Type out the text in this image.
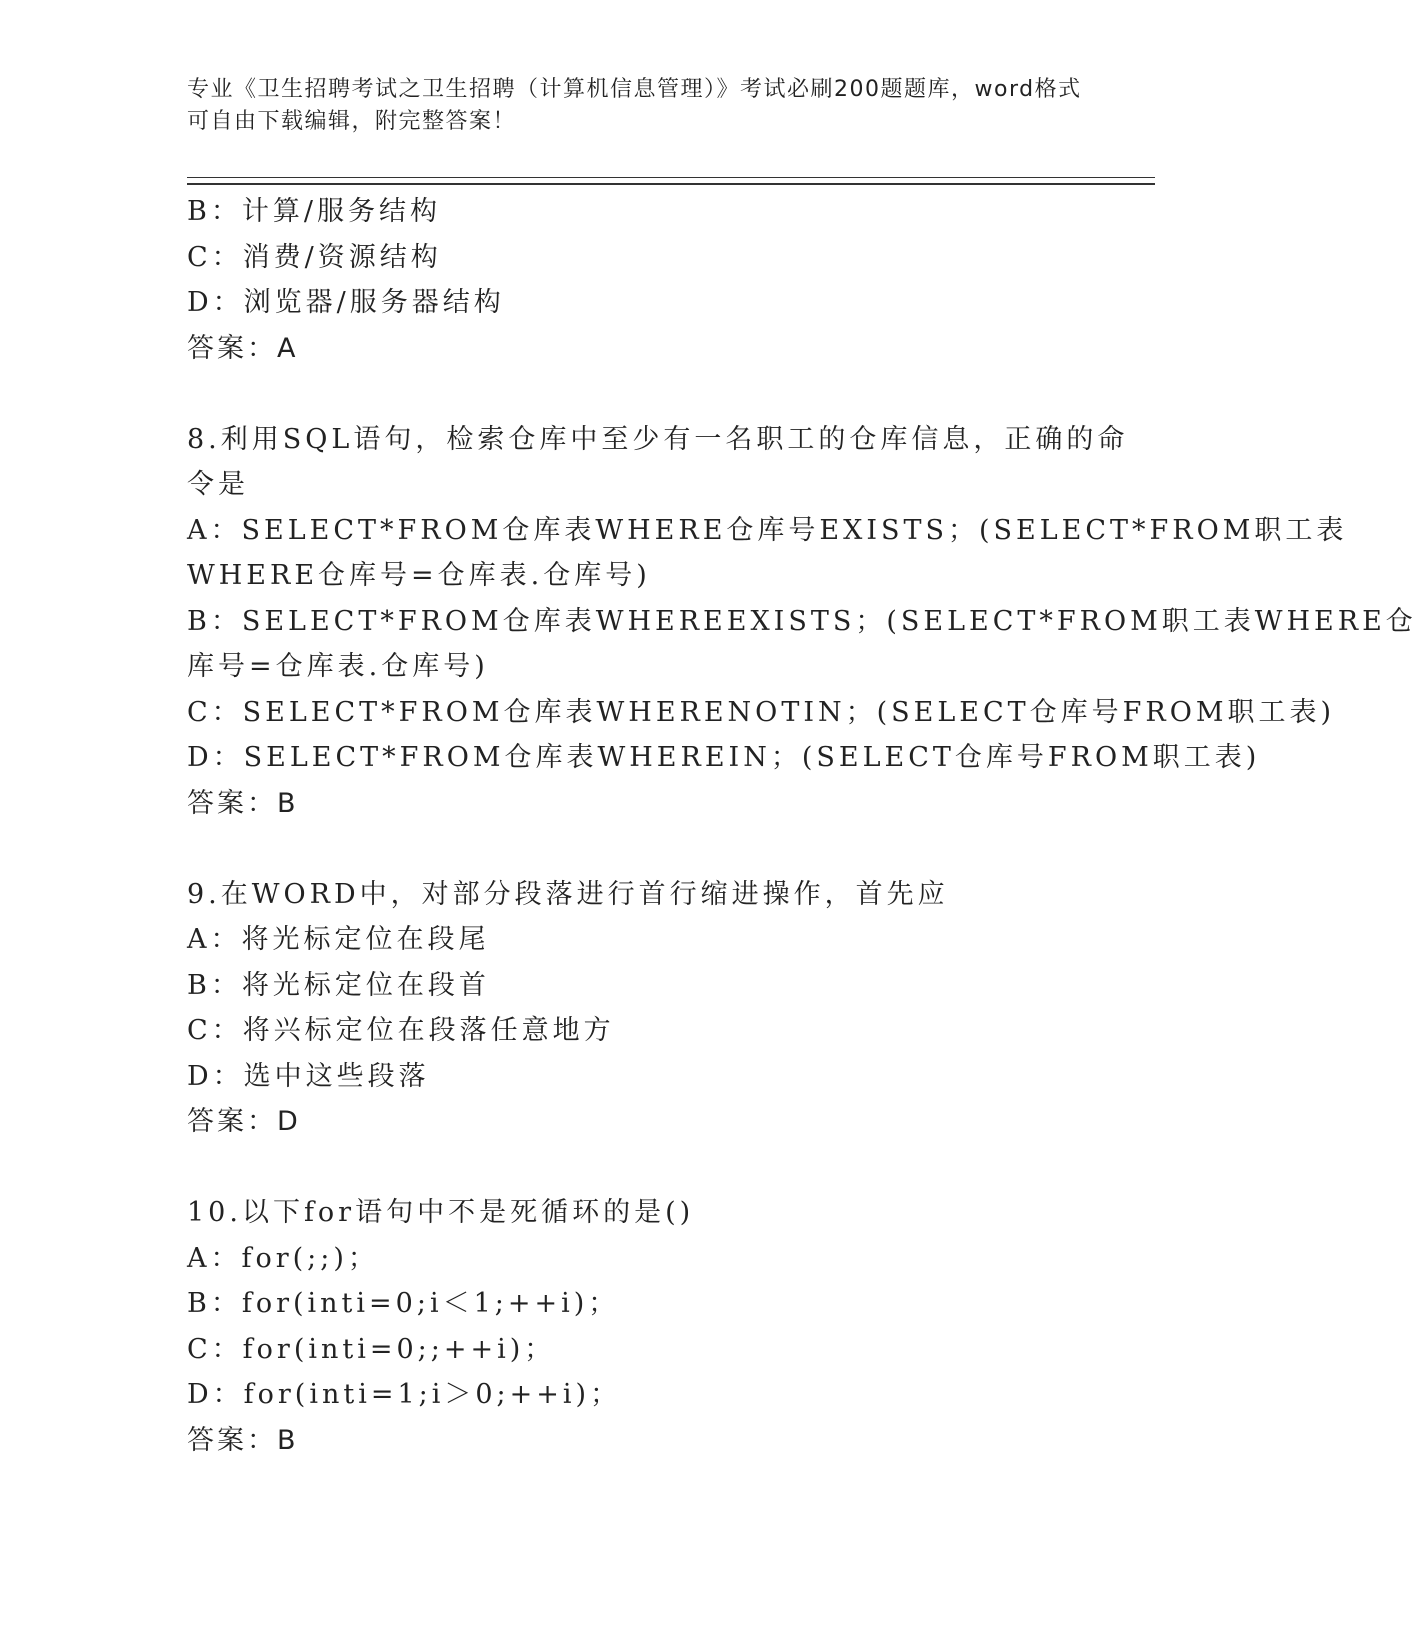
专业《卫生招聘考试之卫生招聘（计算机信息管理）》考试必刷200题题库，word格式可自由下载编辑，附完整答案！

B：计算/服务结构

C：消费/资源结构

D：浏览器/服务器结构

答案：A

8.利用SQL语句，检索仓库中至少有一名职工的仓库信息，正确的命

令是

A：SELECT*FROM仓库表WHERE仓库号EXISTS；(SELECT*FROM职工表

WHERE仓库号=仓库表.仓库号)

B：SELECT*FROM仓库表WHEREEXISTS；(SELECT*FROM职工表WHERE仓

库号=仓库表.仓库号)

C：SELECT*FROM仓库表WHERENOTIN；(SELECT仓库号FROM职工表)

D：SELECT*FROM仓库表WHEREIN；(SELECT仓库号FROM职工表)

答案：B

9.在WORD中，对部分段落进行首行缩进操作，首先应

A：将光标定位在段尾

B：将光标定位在段首

C：将兴标定位在段落任意地方

D：选中这些段落

答案：D

10.以下for语句中不是死循环的是()

A：for(;;)；

B：for(inti=0;i＜1;++i)；

C：for(inti=0;;++i)；

D：for(inti=1;i＞0;++i)；

答案：B
